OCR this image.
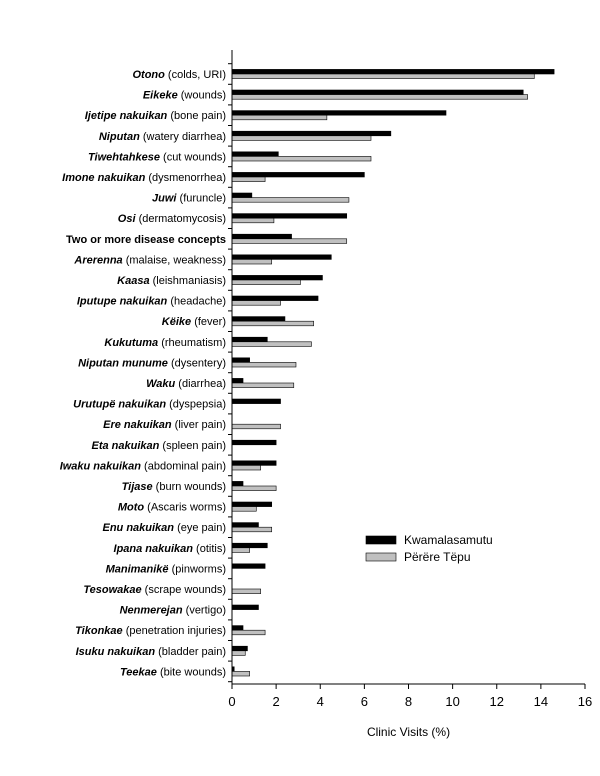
Otono (colds, URI)
Eikeke (wounds)
Ijetipe nakuikan (bone pain)
Niputan (watery diarrhea)
Tiwehtahkese (cut wounds)
Imone nakuikan (dysmenorrhea)
Juwi (furuncle)
Osi (dermatomycosis)
Two or more disease concepts
Arerenna (malaise, weakness)
Kaasa (leishmaniasis)
Iputupe nakuikan (headache)
Këike (fever)
Kukutuma (rheumatism)
Niputan munume (dysentery)
Waku (diarrhea)
Urutupë nakuikan (dyspepsia)
Ere nakuikan (liver pain)
Eta nakuikan (spleen pain)
Iwaku nakuikan (abdominal pain)
Tijase (burn wounds)
Moto (Ascaris worms)
Enu nakuikan (eye pain)
Ipana nakuikan (otitis)
Manimanikë (pinworms)
Tesowakae (scrape wounds)
Nenmerejan (vertigo)
Tikonkae (penetration injuries)
Isuku nakuikan (bladder pain)
Teekae (bite wounds)
0	2	4	6	8	10 12 14 16
Clinic Visits (%)
Kwamalasamutu
Përëre Tëpu
